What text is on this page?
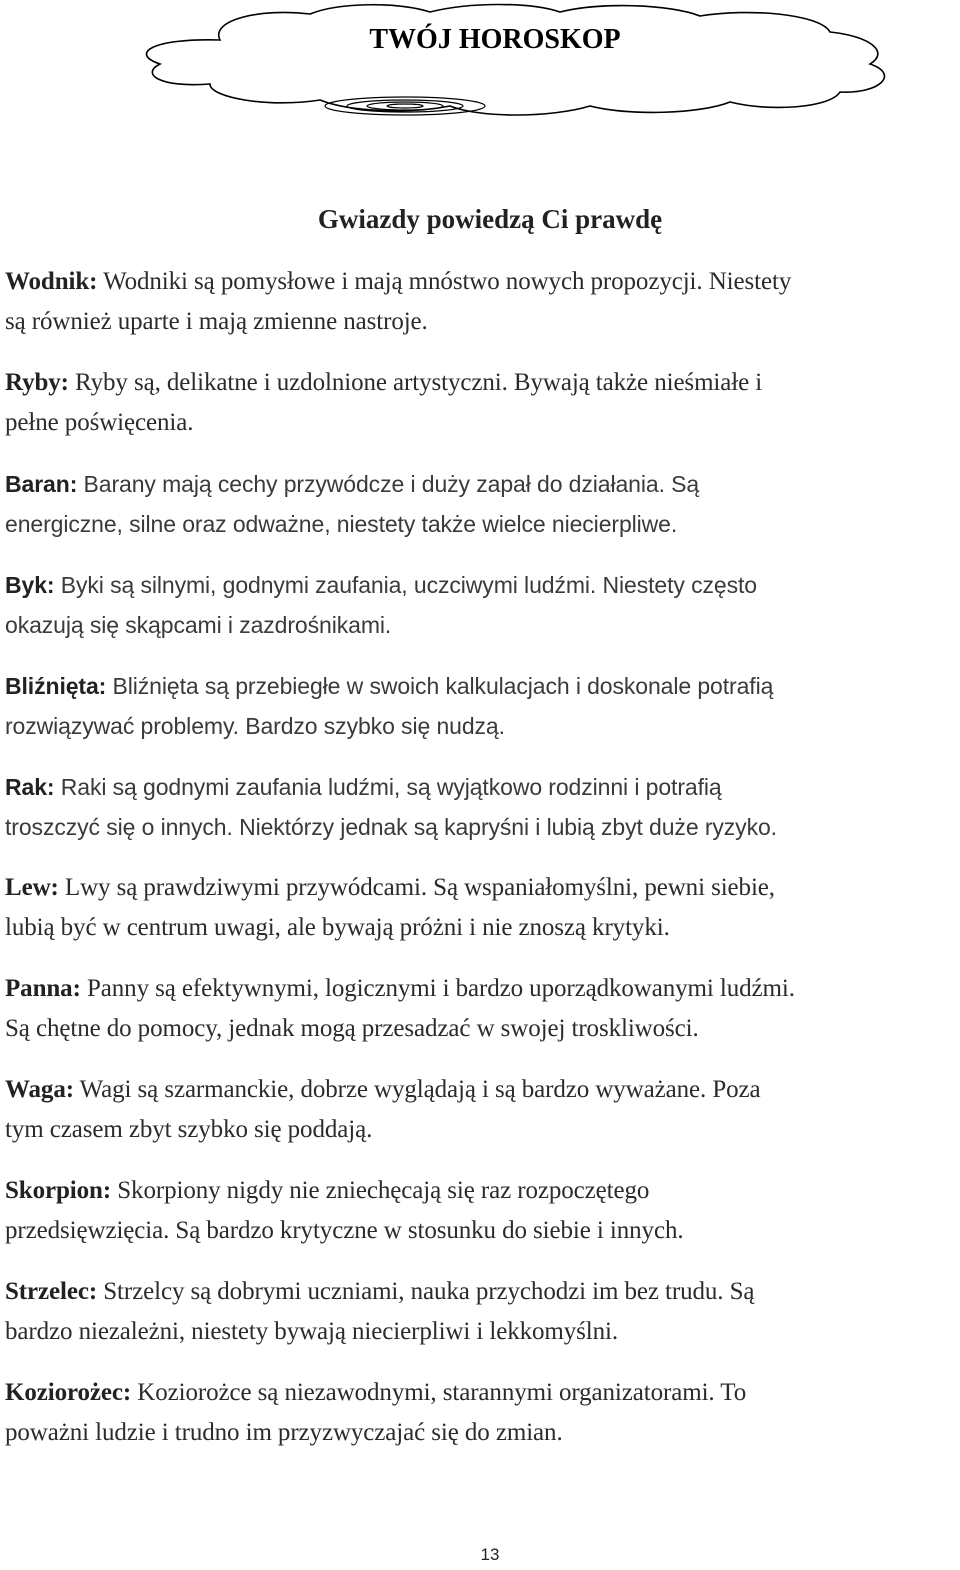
TWÓJ HOROSKOP
Gwiazdy powiedzą Ci prawdę
Wodnik: Wodniki są pomysłowe i mają mnóstwo nowych propozycji. Niestety
są również uparte i mają zmienne nastroje.
Ryby: Ryby są, delikatne i uzdolnione artystyczni. Bywają także nieśmiałe i
pełne poświęcenia.
Baran: Barany mają cechy przywódcze i duży zapał do działania. Są
energiczne, silne oraz odważne, niestety także wielce niecierpliwe.
Byk: Byki są silnymi, godnymi zaufania, uczciwymi ludźmi. Niestety często
okazują się skąpcami i zazdrośnikami.
Bliźnięta: Bliźnięta są przebiegłe w swoich kalkulacjach i doskonale potrafią
rozwiązywać problemy. Bardzo szybko się nudzą.
Rak: Raki są godnymi zaufania ludźmi, są wyjątkowo rodzinni i potrafią
troszczyć się o innych. Niektórzy jednak są kapryśni i lubią zbyt duże ryzyko.
Lew: Lwy są prawdziwymi przywódcami. Są wspaniałomyślni, pewni siebie,
lubią być w centrum uwagi, ale bywają próżni i nie znoszą krytyki.
Panna: Panny są efektywnymi, logicznymi i bardzo uporządkowanymi ludźmi.
Są chętne do pomocy, jednak mogą przesadzać w swojej troskliwości.
Waga: Wagi są szarmanckie, dobrze wyglądają i są bardzo wyważane. Poza
tym czasem zbyt szybko się poddają.
Skorpion: Skorpiony nigdy nie zniechęcają się raz rozpoczętego
przedsięwzięcia. Są bardzo krytyczne w stosunku do siebie i innych.
Strzelec: Strzelcy są dobrymi uczniami, nauka przychodzi im bez trudu. Są
bardzo niezależni, niestety bywają niecierpliwi i lekkomyślni.
Koziorożec: Koziorożce są niezawodnymi, starannymi organizatorami. To
poważni ludzie i trudno im przyzwyczajać się do zmian.
13
